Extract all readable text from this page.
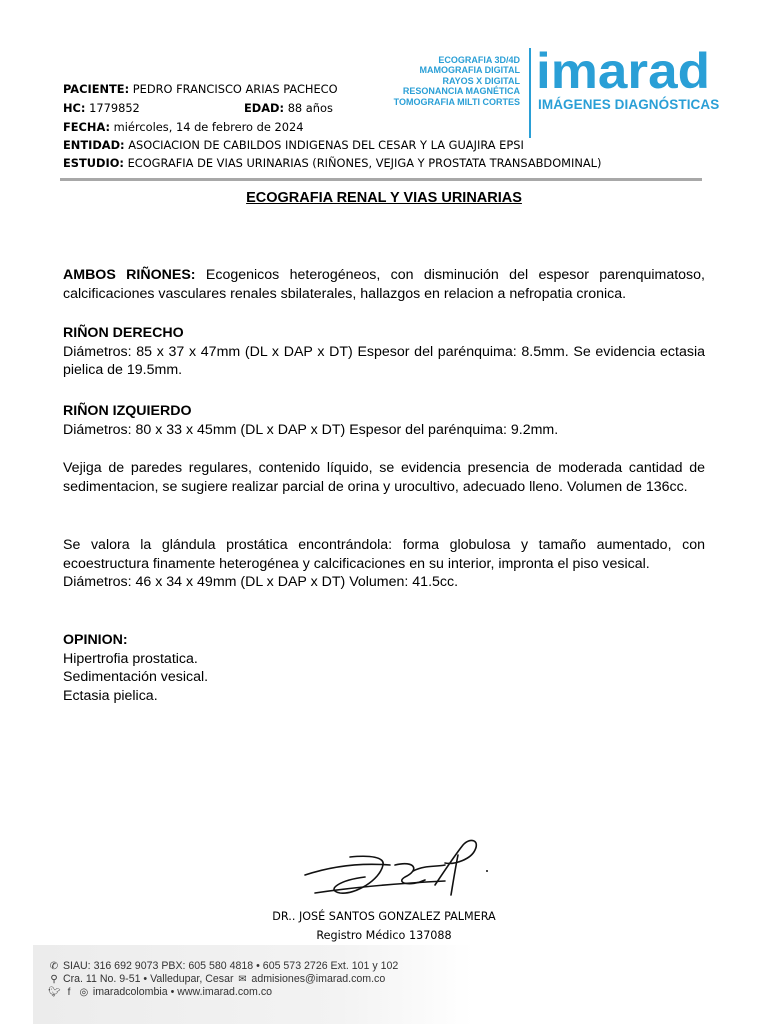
ECOGRAFIA 3D/4D
MAMOGRAFIA DIGITAL
RAYOS X DIGITAL
RESONANCIA MAGNÉTICA
TOMOGRAFIA MILTI CORTES
imarad
IMÁGENES DIAGNÓSTICAS
PACIENTE: PEDRO FRANCISCO ARIAS PACHECO
HC: 1779852	EDAD: 88 años
FECHA: miércoles, 14 de febrero de 2024
ENTIDAD: ASOCIACION DE CABILDOS INDIGENAS DEL CESAR Y LA GUAJIRA EPSI
ESTUDIO: ECOGRAFIA DE VIAS URINARIAS (RIÑONES, VEJIGA Y PROSTATA TRANSABDOMINAL)
ECOGRAFIA RENAL Y VIAS URINARIAS
AMBOS RIÑONES: Ecogenicos heterogéneos, con disminución del espesor parenquimatoso, calcificaciones vasculares renales sbilaterales, hallazgos en relacion a nefropatia cronica.

RIÑON DERECHO

Diámetros: 85 x 37 x 47mm (DL x DAP x DT) Espesor del parénquima: 8.5mm. Se evidencia ectasia pielica de 19.5mm.

RIÑON IZQUIERDO

Diámetros: 80 x 33 x 45mm (DL x DAP x DT) Espesor del parénquima: 9.2mm.

Vejiga de paredes regulares, contenido líquido, se evidencia presencia de moderada cantidad de sedimentacion, se sugiere realizar parcial de orina y urocultivo, adecuado lleno. Volumen de 136cc.

Se valora la glándula prostática encontrándola: forma globulosa y tamaño aumentado, con ecoestructura finamente heterogénea y calcificaciones en su interior, impronta el piso vesical.

Diámetros: 46 x 34 x 49mm (DL x DAP x DT) Volumen: 41.5cc.

OPINION:

Hipertrofia prostatica.

Sedimentación vesical.

Ectasia pielica.

DR.. JOSÉ SANTOS GONZALEZ PALMERA
Registro Médico 137088
✆ SIAU: 316 692 9073 PBX: 605 580 4818 • 605 573 2726 Ext. 101 y 102
⚲ Cra. 11 No. 9-51 • Valledupar, Cesar ✉ admisiones@imarad.com.co
🐦︎ f ◎ imaradcolombia • www.imarad.com.co
